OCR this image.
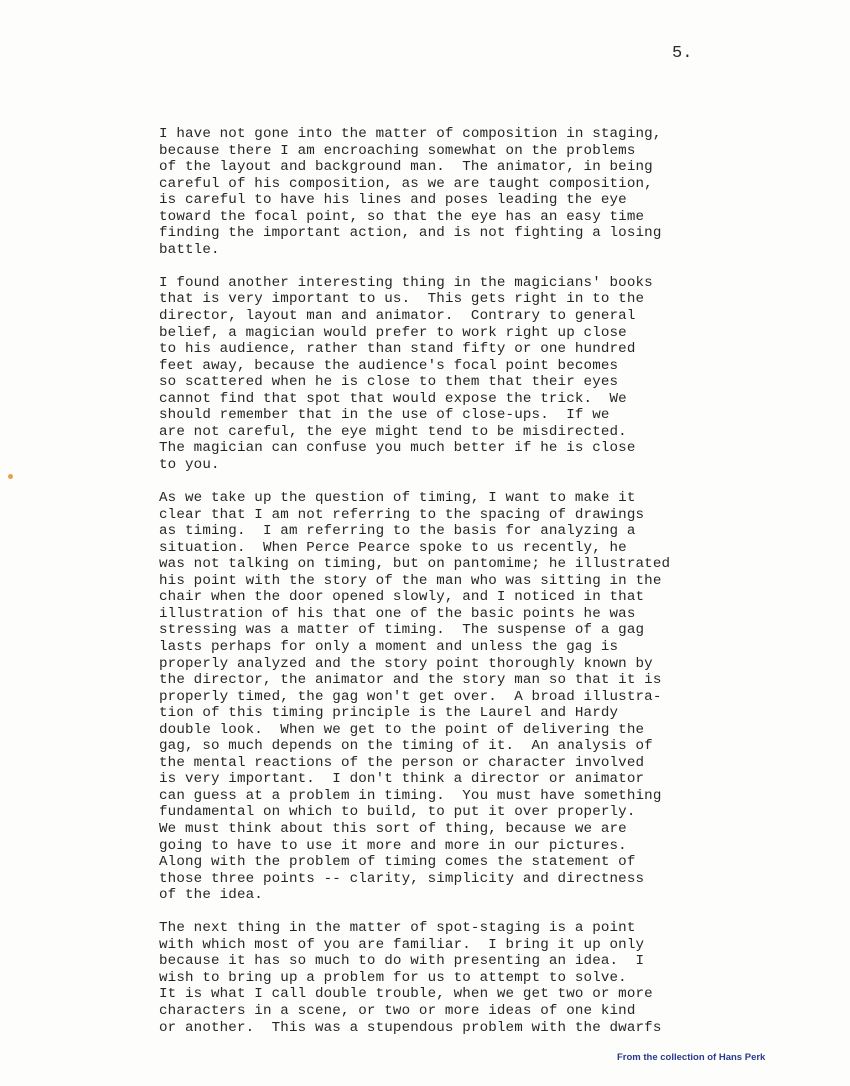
5.
I have not gone into the matter of composition in staging,
because there I am encroaching somewhat on the problems
of the layout and background man.  The animator, in being
careful of his composition, as we are taught composition,
is careful to have his lines and poses leading the eye
toward the focal point, so that the eye has an easy time
finding the important action, and is not fighting a losing
battle.
I found another interesting thing in the magicians' books
that is very important to us.  This gets right in to the
director, layout man and animator.  Contrary to general
belief, a magician would prefer to work right up close
to his audience, rather than stand fifty or one hundred
feet away, because the audience's focal point becomes
so scattered when he is close to them that their eyes
cannot find that spot that would expose the trick.  We
should remember that in the use of close-ups.  If we
are not careful, the eye might tend to be misdirected.
The magician can confuse you much better if he is close
to you.
As we take up the question of timing, I want to make it
clear that I am not referring to the spacing of drawings
as timing.  I am referring to the basis for analyzing a
situation.  When Perce Pearce spoke to us recently, he
was not talking on timing, but on pantomime; he illustrated
his point with the story of the man who was sitting in the
chair when the door opened slowly, and I noticed in that
illustration of his that one of the basic points he was
stressing was a matter of timing.  The suspense of a gag
lasts perhaps for only a moment and unless the gag is
properly analyzed and the story point thoroughly known by
the director, the animator and the story man so that it is
properly timed, the gag won't get over.  A broad illustra-
tion of this timing principle is the Laurel and Hardy
double look.  When we get to the point of delivering the
gag, so much depends on the timing of it.  An analysis of
the mental reactions of the person or character involved
is very important.  I don't think a director or animator
can guess at a problem in timing.  You must have something
fundamental on which to build, to put it over properly.
We must think about this sort of thing, because we are
going to have to use it more and more in our pictures.
Along with the problem of timing comes the statement of
those three points -- clarity, simplicity and directness
of the idea.
The next thing in the matter of spot-staging is a point
with which most of you are familiar.  I bring it up only
because it has so much to do with presenting an idea.  I
wish to bring up a problem for us to attempt to solve.
It is what I call double trouble, when we get two or more
characters in a scene, or two or more ideas of one kind
or another.  This was a stupendous problem with the dwarfs
From the collection of Hans Perk
